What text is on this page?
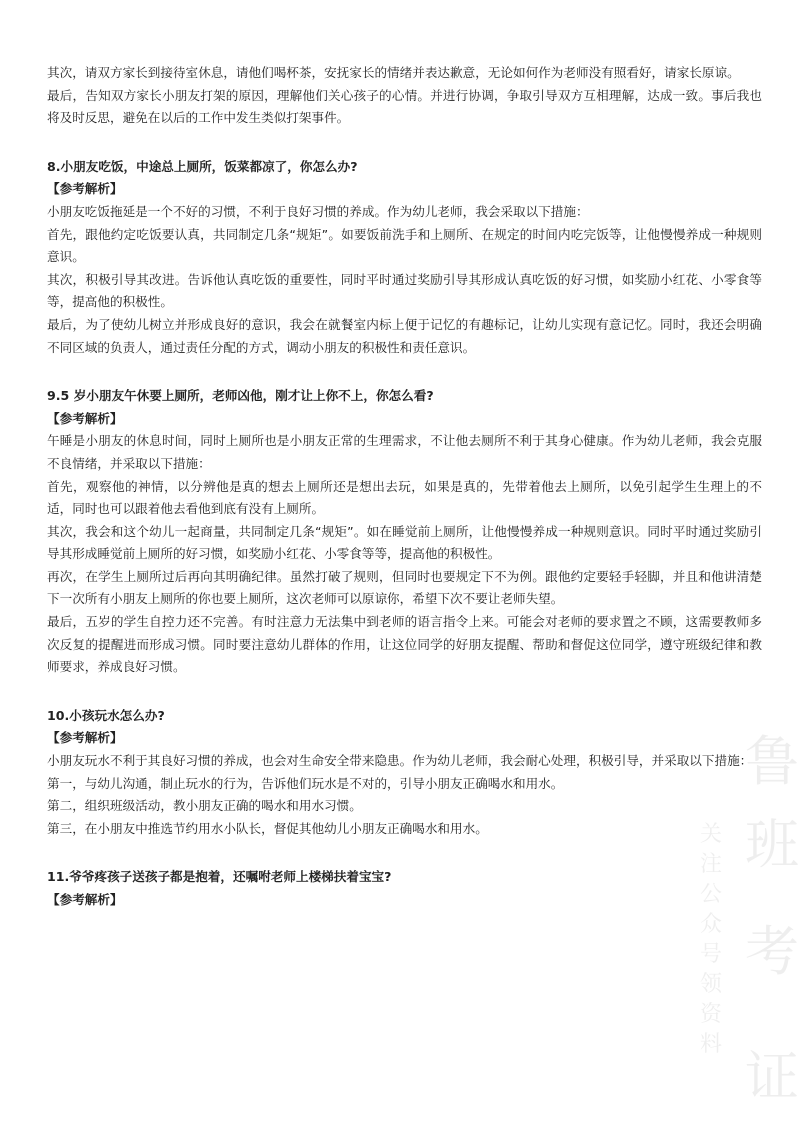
其次，请双方家长到接待室休息，请他们喝杯茶，安抚家长的情绪并表达歉意，无论如何作为老师没有照看好，请家长原谅。

最后，告知双方家长小朋友打架的原因，理解他们关心孩子的心情。并进行协调，争取引导双方互相理解，达成一致。事后我也将及时反思，避免在以后的工作中发生类似打架事件。

8.小朋友吃饭，中途总上厕所，饭菜都凉了，你怎么办?

【参考解析】

小朋友吃饭拖延是一个不好的习惯，不利于良好习惯的养成。作为幼儿老师，我会采取以下措施：

首先，跟他约定吃饭要认真，共同制定几条“规矩”。如要饭前洗手和上厕所、在规定的时间内吃完饭等，让他慢慢养成一种规则意识。

其次，积极引导其改进。告诉他认真吃饭的重要性，同时平时通过奖励引导其形成认真吃饭的好习惯，如奖励小红花、小零食等等，提高他的积极性。

最后，为了使幼儿树立并形成良好的意识，我会在就餐室内标上便于记忆的有趣标记，让幼儿实现有意记忆。同时，我还会明确不同区域的负责人，通过责任分配的方式，调动小朋友的积极性和责任意识。

9.5 岁小朋友午休要上厕所，老师凶他，刚才让上你不上，你怎么看?

【参考解析】

午睡是小朋友的休息时间，同时上厕所也是小朋友正常的生理需求，不让他去厕所不利于其身心健康。作为幼儿老师，我会克服不良情绪，并采取以下措施：

首先，观察他的神情，以分辨他是真的想去上厕所还是想出去玩，如果是真的，先带着他去上厕所，以免引起学生生理上的不适，同时也可以跟着他去看他到底有没有上厕所。

其次，我会和这个幼儿一起商量，共同制定几条“规矩”。如在睡觉前上厕所，让他慢慢养成一种规则意识。同时平时通过奖励引导其形成睡觉前上厕所的好习惯，如奖励小红花、小零食等等，提高他的积极性。

再次，在学生上厕所过后再向其明确纪律。虽然打破了规则，但同时也要规定下不为例。跟他约定要轻手轻脚，并且和他讲清楚下一次所有小朋友上厕所的你也要上厕所，这次老师可以原谅你，希望下次不要让老师失望。

最后，五岁的学生自控力还不完善。有时注意力无法集中到老师的语言指令上来。可能会对老师的要求置之不顾，这需要教师多次反复的提醒进而形成习惯。同时要注意幼儿群体的作用，让这位同学的好朋友提醒、帮助和督促这位同学，遵守班级纪律和教师要求，养成良好习惯。

10.小孩玩水怎么办?

【参考解析】

小朋友玩水不利于其良好习惯的养成，也会对生命安全带来隐患。作为幼儿老师，我会耐心处理，积极引导，并采取以下措施：

第一，与幼儿沟通，制止玩水的行为，告诉他们玩水是不对的，引导小朋友正确喝水和用水。

第二，组织班级活动，教小朋友正确的喝水和用水习惯。

第三，在小朋友中推选节约用水小队长，督促其他幼儿小朋友正确喝水和用水。

11.爷爷疼孩子送孩子都是抱着，还嘱咐老师上楼梯扶着宝宝?

【参考解析】

鲁
班
考
证
关 注 公 众 号 领 资 料
